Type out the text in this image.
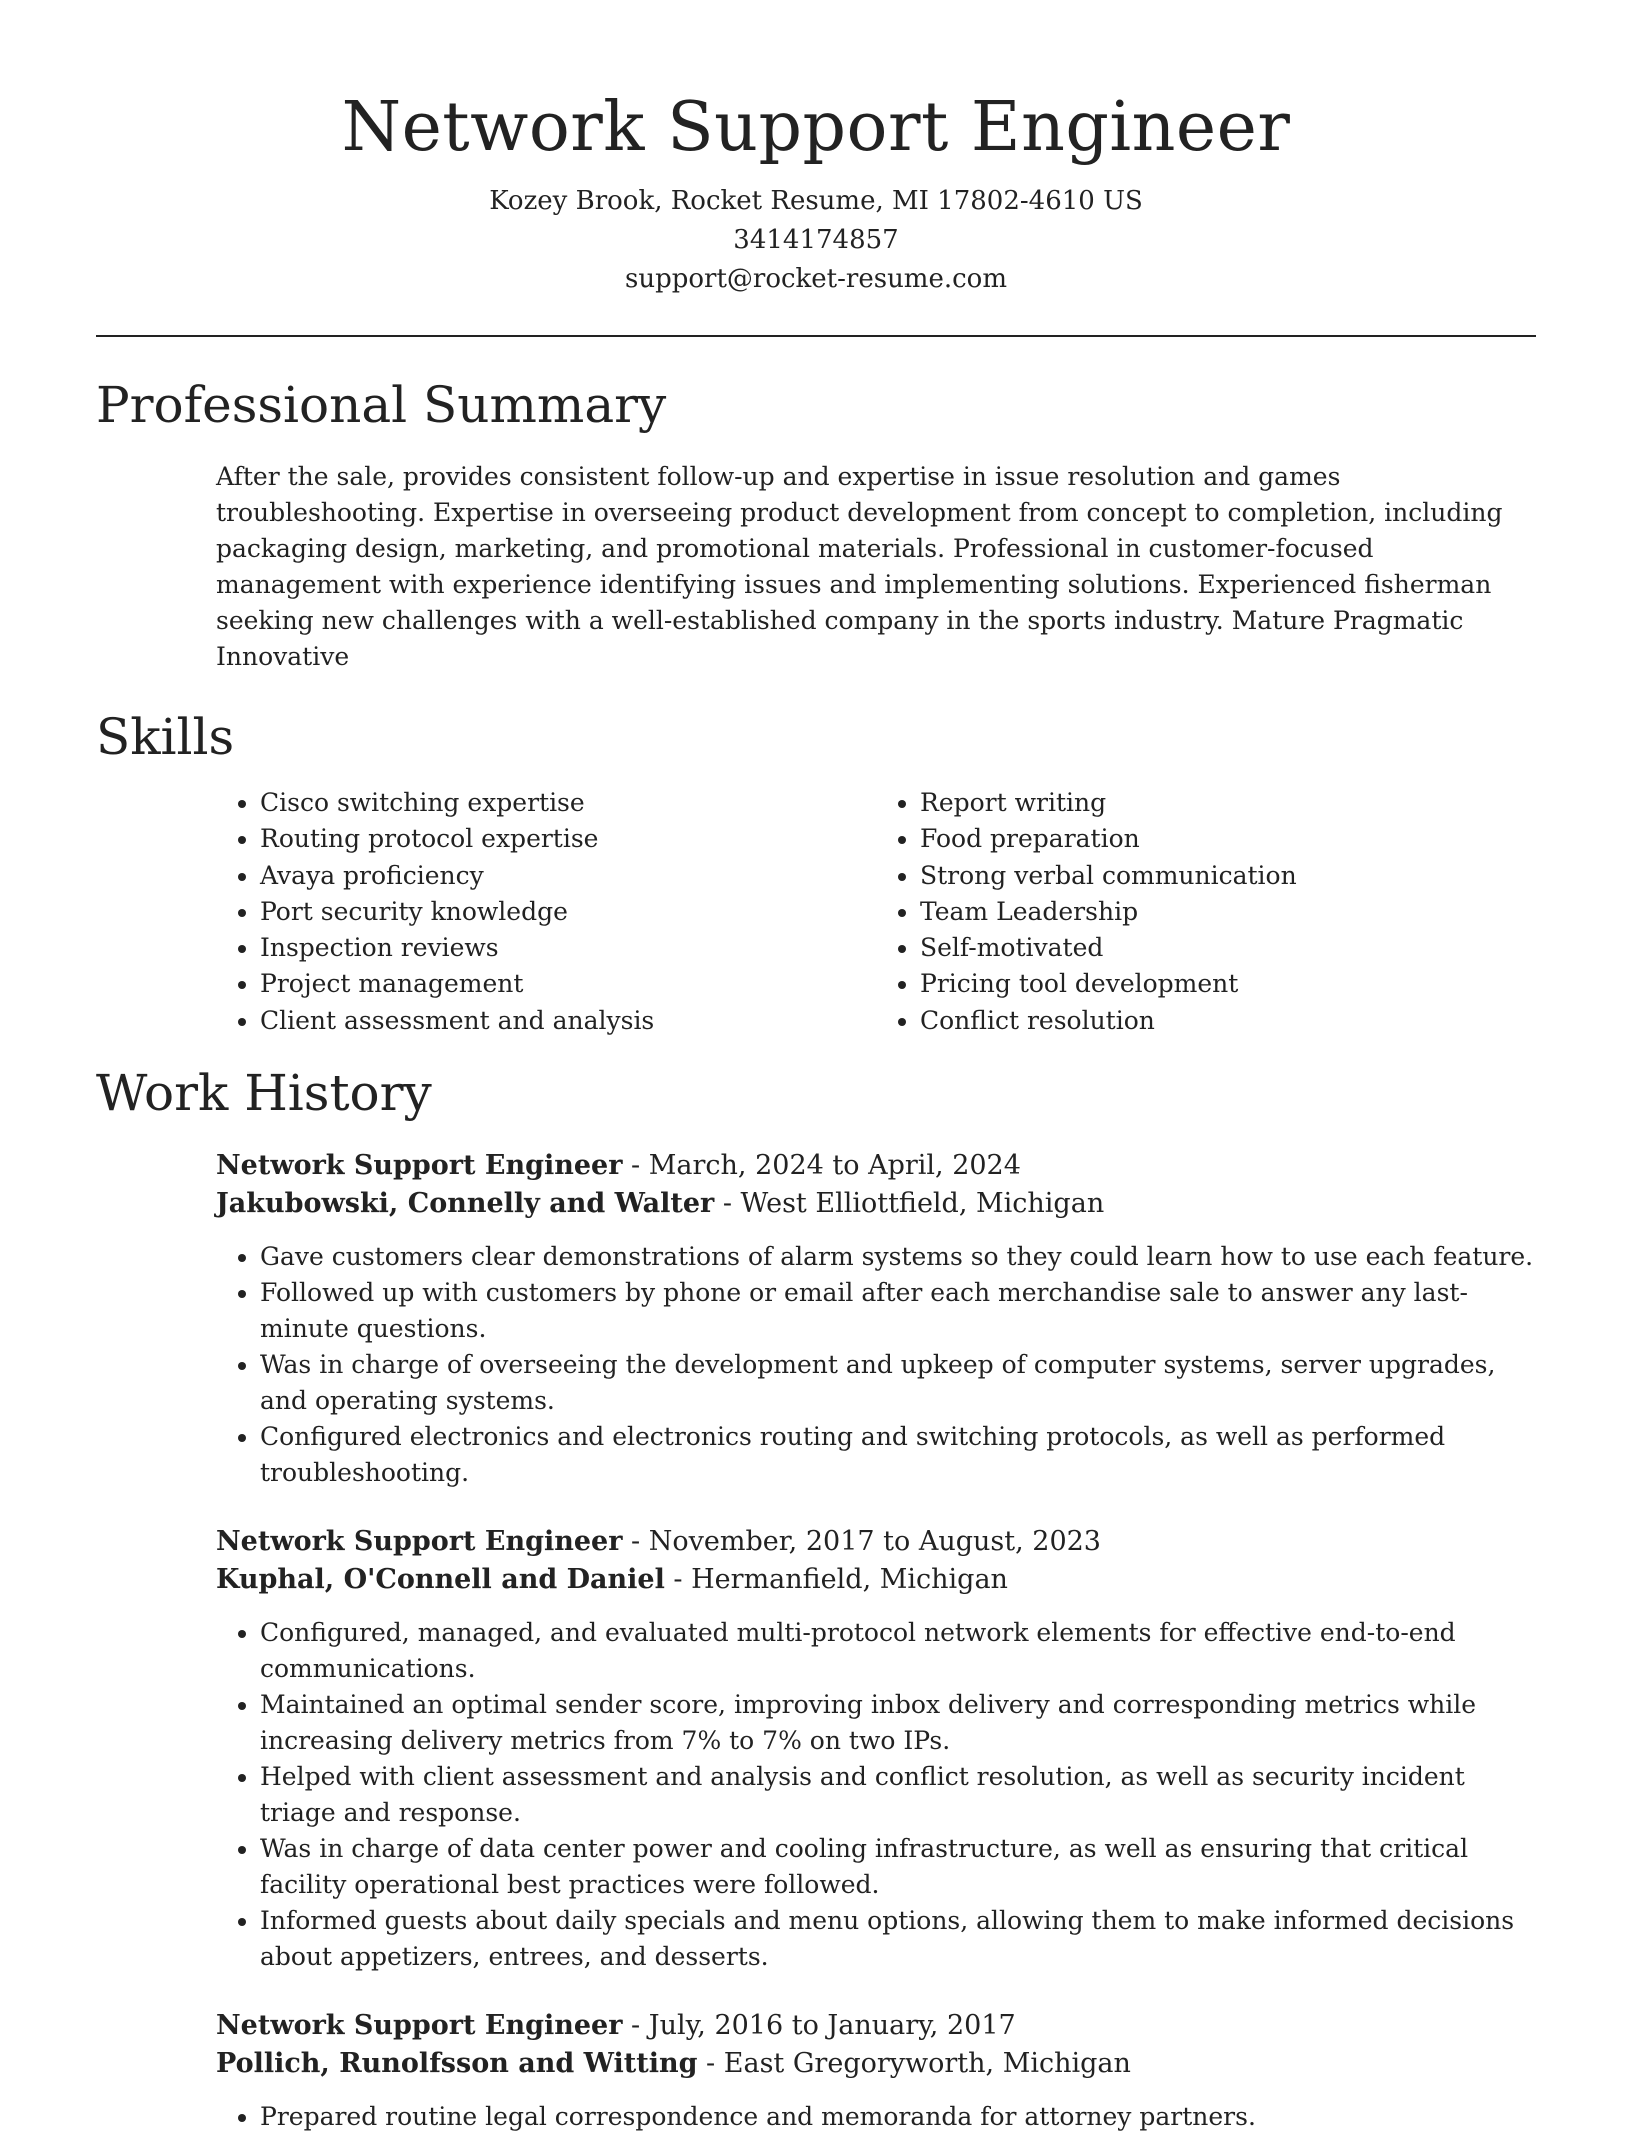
Network Support Engineer
Kozey Brook, Rocket Resume, MI 17802-4610 US
3414174857
support@rocket-resume.com
Professional Summary

After the sale, provides consistent follow-up and expertise in issue resolution and games troubleshooting. Expertise in overseeing product development from concept to completion, including packaging design, marketing, and promotional materials. Professional in customer-focused management with experience identifying issues and implementing solutions. Experienced fisherman seeking new challenges with a well-established company in the sports industry. Mature Pragmatic Innovative

Skills
• Cisco switching expertise
• Routing protocol expertise
• Avaya proficiency
• Port security knowledge
• Inspection reviews
• Project management
• Client assessment and analysis
• Report writing
• Food preparation
• Strong verbal communication
• Team Leadership
• Self-motivated
• Pricing tool development
• Conflict resolution
Work History
Network Support Engineer - March, 2024 to April, 2024
Jakubowski, Connelly and Walter - West Elliottfield, Michigan
• Gave customers clear demonstrations of alarm systems so they could learn how to use each feature.
• Followed up with customers by phone or email after each merchandise sale to answer any last-minute questions.
• Was in charge of overseeing the development and upkeep of computer systems, server upgrades, and operating systems.
• Configured electronics and electronics routing and switching protocols, as well as performed troubleshooting.
Network Support Engineer - November, 2017 to August, 2023
Kuphal, O'Connell and Daniel - Hermanfield, Michigan
• Configured, managed, and evaluated multi-protocol network elements for effective end-to-end communications.
• Maintained an optimal sender score, improving inbox delivery and corresponding metrics while increasing delivery metrics from 7% to 7% on two IPs.
• Helped with client assessment and analysis and conflict resolution, as well as security incident triage and response.
• Was in charge of data center power and cooling infrastructure, as well as ensuring that critical facility operational best practices were followed.
• Informed guests about daily specials and menu options, allowing them to make informed decisions about appetizers, entrees, and desserts.
Network Support Engineer - July, 2016 to January, 2017
Pollich, Runolfsson and Witting - East Gregoryworth, Michigan
• Prepared routine legal correspondence and memoranda for attorney partners.
